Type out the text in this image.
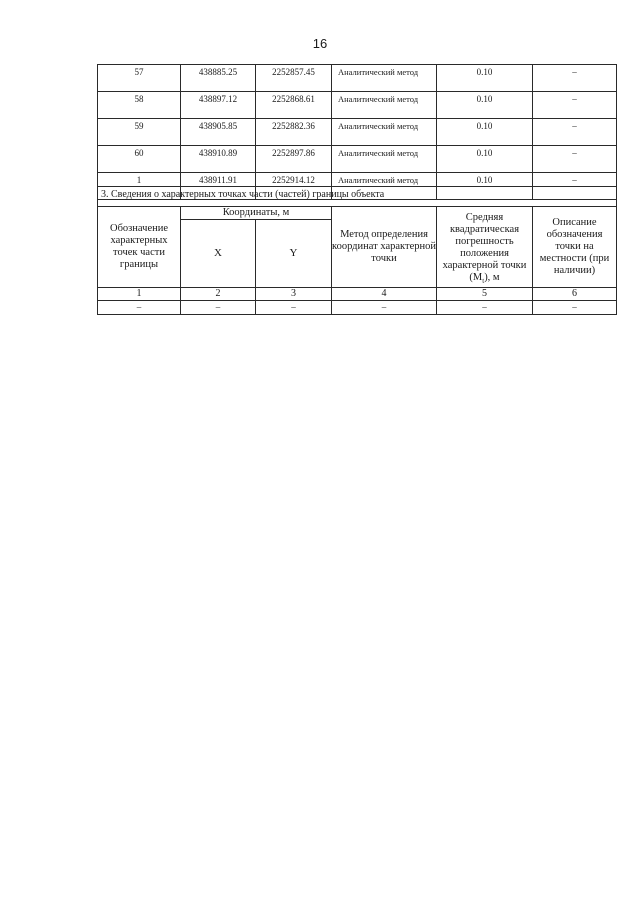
16
57	438885.25	2252857.45	Аналитический метод	0.10	–
58	438897.12	2252868.61	Аналитический метод	0.10	–
59	438905.85	2252882.36	Аналитический метод	0.10	–
60	438910.89	2252897.86	Аналитический метод	0.10	–
1	438911.91	2252914.12	Аналитический метод	0.10	–
3. Сведения о характерных точках части (частей) границы объекта					
Обозначение характерных точек части границы	Координаты, м		Метод определения координат характерной точки	Средняя квадратическая погрешность положения характерной точки $(M_t)$, м	Описание обозначения точки на местности (при наличии)
	X	Y			
1	2	3	4	5	6
–	–	–	–	–	–
